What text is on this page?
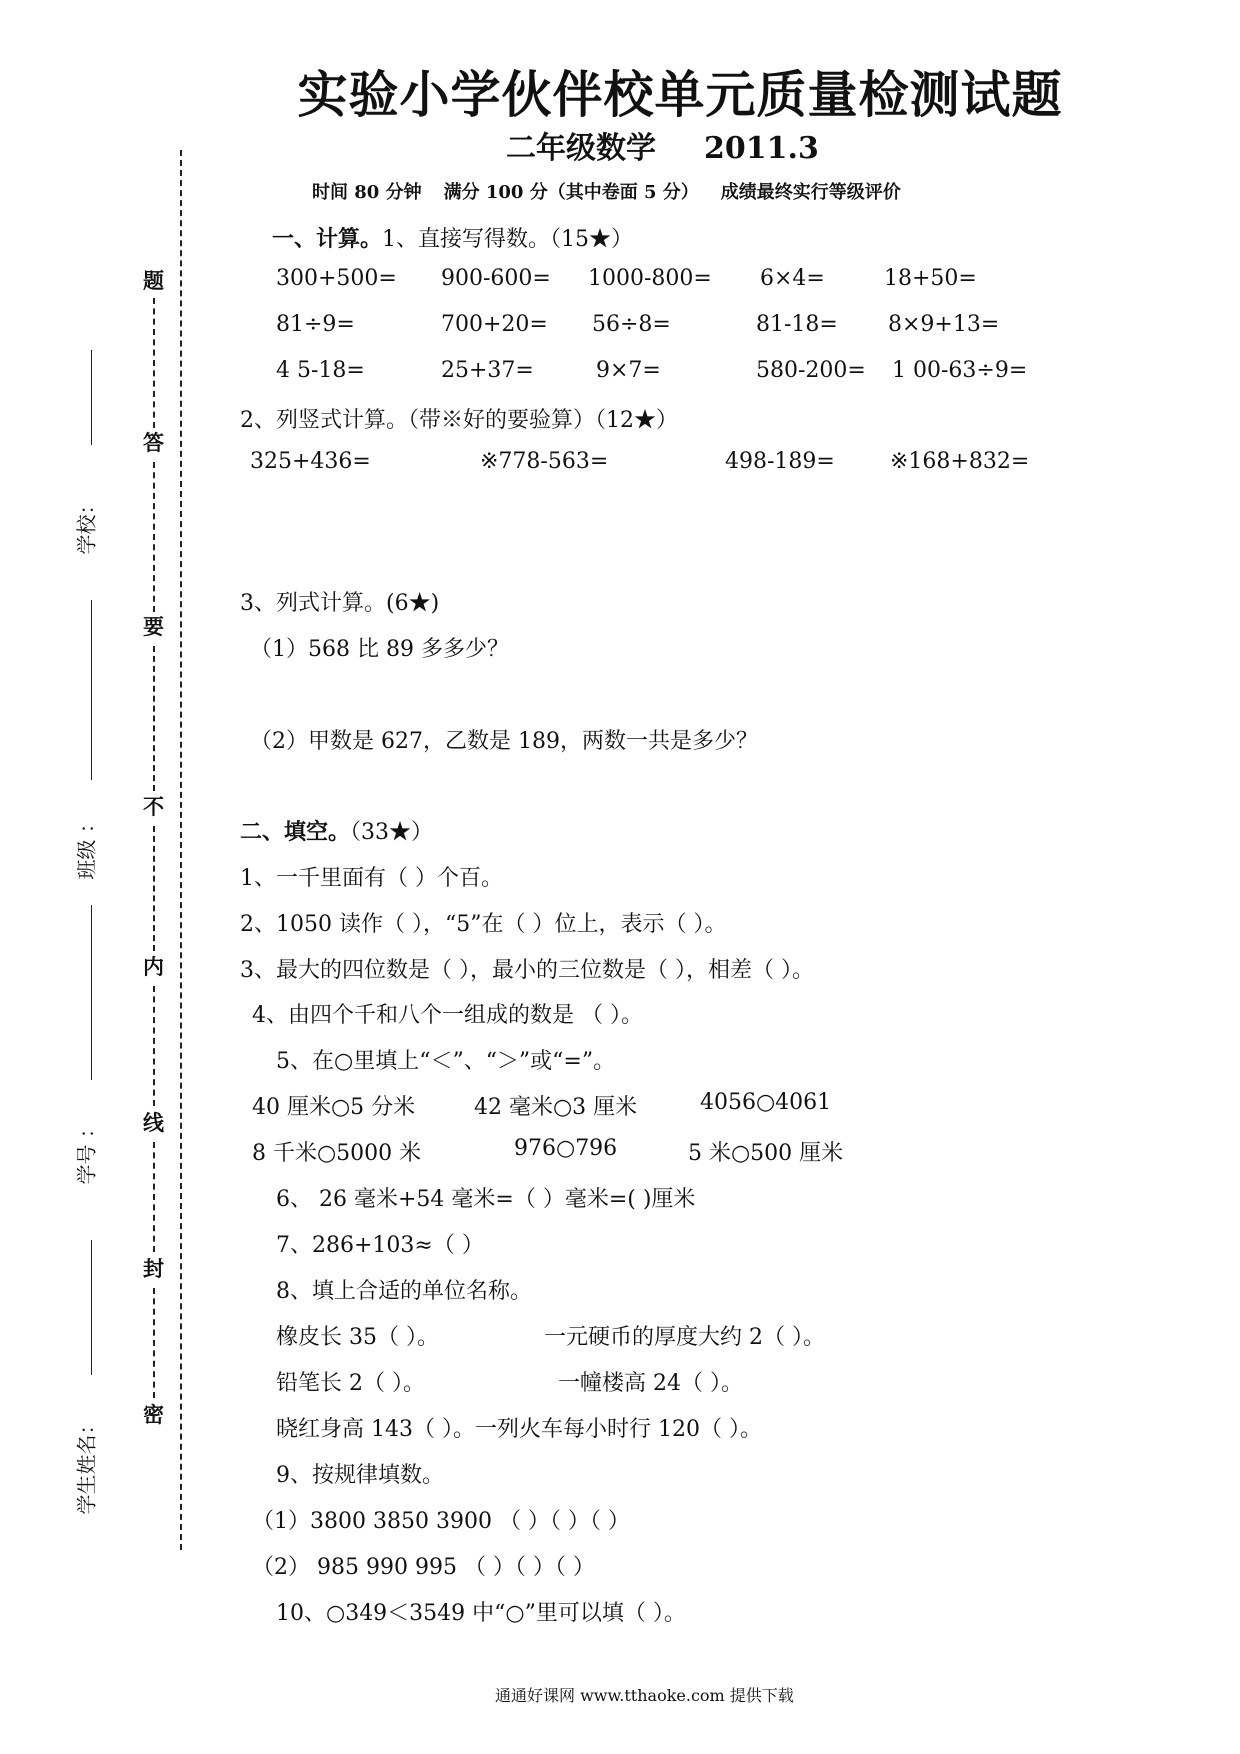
实验小学伙伴校单元质量检测试题
二年级数学 2011.3
时间 80 分钟 满分 100 分（其中卷面 5 分） 成绩最终实行等级评价
学校：
班级 ：
学号 ：
学生姓名：
题
答
要
不
内
线
封
密
一、计算。1、直接写得数。（15★）
300+500= 900-600= 1000-800= 6×4=	18+50=
81÷9=	700+20= 56÷8=	81-18= 8×9+13=
4 5-18=	25+37=	9×7=	580-200= 1 00-63÷9=
2、列竖式计算。（带※好的要验算）（12★）
325+436=	※778-563=	498-189=	※168+832=
3、列式计算。(6★)
（1）568 比 89 多多少？
（2）甲数是 627，乙数是 189，两数一共是多少？
二、填空。（33★）
1、一千里面有（ ）个百。
2、1050 读作（ ），“5”在（ ）位上，表示（ ）。
3、最大的四位数是（ ），最小的三位数是（ ），相差（ ）。
4、由四个千和八个一组成的数是 （ ）。
5、在○里填上“＜”、“＞”或“=”。
40 厘米○5 分米	42 毫米○3 厘米	4056○4061
8 千米○5000 米	976○796	5 米○500 厘米
6、 26 毫米+54 毫米=（ ）毫米=( )厘米
7、286+103≈（ ）
8、填上合适的单位名称。
橡皮长 35（ ）。	一元硬币的厚度大约 2（ ）。
铅笔长 2（ ）。	一幢楼高 24（ ）。
晓红身高 143（ ）。一列火车每小时行 120（ ）。
9、按规律填数。
（1）3800 3850 3900 （ ）（ ）（ ）
（2） 985 990 995 （ ）（ ）（ ）
10、○349＜3549 中“○”里可以填（ ）。
通通好课网 www.tthaoke.com 提供下载
